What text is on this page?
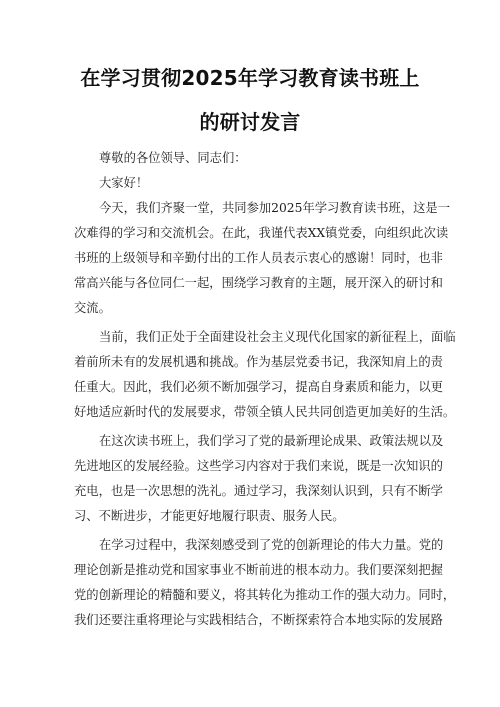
在学习贯彻2025年学习教育读书班上
的研讨发言
尊敬的各位领导、同志们：
大家好！
今天，我们齐聚一堂，共同参加2025年学习教育读书班，这是一
次难得的学习和交流机会。在此，我谨代表XX镇党委，向组织此次读
书班的上级领导和辛勤付出的工作人员表示衷心的感谢！同时，也非
常高兴能与各位同仁一起，围绕学习教育的主题，展开深入的研讨和
交流。
当前，我们正处于全面建设社会主义现代化国家的新征程上，面临
着前所未有的发展机遇和挑战。作为基层党委书记，我深知肩上的责
任重大。因此，我们必须不断加强学习，提高自身素质和能力，以更
好地适应新时代的发展要求，带领全镇人民共同创造更加美好的生活。
在这次读书班上，我们学习了党的最新理论成果、政策法规以及
先进地区的发展经验。这些学习内容对于我们来说，既是一次知识的
充电，也是一次思想的洗礼。通过学习，我深刻认识到，只有不断学
习、不断进步，才能更好地履行职责、服务人民。
在学习过程中，我深刻感受到了党的创新理论的伟大力量。党的
理论创新是推动党和国家事业不断前进的根本动力。我们要深刻把握
党的创新理论的精髓和要义，将其转化为推动工作的强大动力。同时，
我们还要注重将理论与实践相结合，不断探索符合本地实际的发展路
